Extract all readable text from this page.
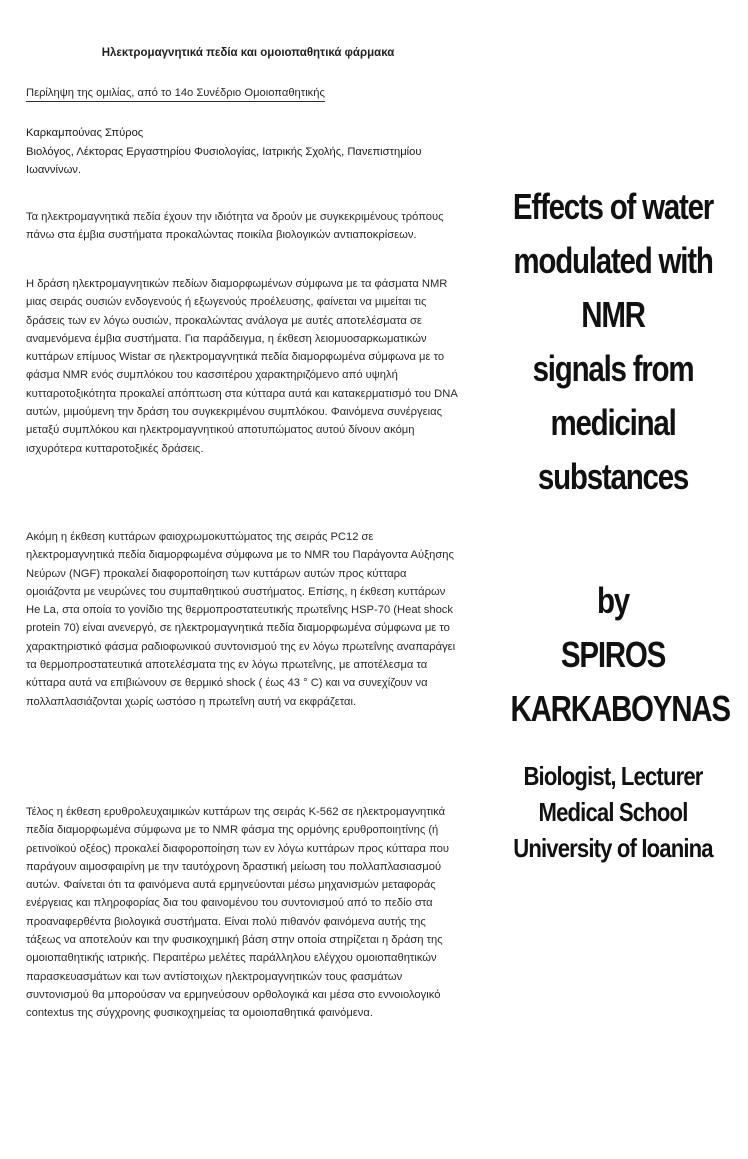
Ηλεκτρομαγνητικά πεδία και ομοιοπαθητικά φάρμακα
Περίληψη της ομιλίας, από το 14ο Συνέδριο Ομοιοπαθητικής

Καρκαμπούνας Σπύρος

Βιολόγος, Λέκτορας Εργαστηρίου Φυσιολογίας, Ιατρικής Σχολής, Πανεπιστημίου Ιωαννίνων.

Τα ηλεκτρομαγνητικά πεδία έχουν την ιδιότητα να δρούν με συγκεκριμένους τρόπους πάνω στα έμβια συστήματα προκαλώντας ποικίλα βιολογικών αντιαποκρίσεων.

Η δράση ηλεκτρομαγνητικών πεδίων διαμορφωμένων σύμφωνα με τα φάσματα NMR μιας σειράς ουσιών ενδογενούς ή εξωγενούς προέλευσης, φαίνεται να μιμείται τις δράσεις των εν λόγω ουσιών, προκαλώντας ανάλογα με αυτές αποτελέσματα σε αναμενόμενα έμβια συστήματα. Για παράδειγμα, η έκθεση λειομυοσαρκωματικών κυττάρων επίμυος Wistar σε ηλεκτρομαγνητικά πεδία διαμορφωμένα σύμφωνα με το φάσμα NMR ενός συμπλόκου του κασσιτέρου χαρακτηριζόμενο από υψηλή κυτταροτοξικότητα προκαλεί απόπτωση στα κύτταρα αυτά και κατακερματισμό του DNA αυτών, μιμούμενη την δράση του συγκεκριμένου συμπλόκου. Φαινόμενα συνέργειας μεταξύ συμπλόκου και ηλεκτρομαγνητικού αποτυπώματος αυτού δίνουν ακόμη ισχυρότερα κυτταροτοξικές δράσεις.

Ακόμη η έκθεση κυττάρων φαιοχρωμοκυττώματος της σειράς PC12 σε ηλεκτρομαγνητικά πεδία διαμορφωμένα σύμφωνα με το NMR του Παράγοντα Αύξησης Νεύρων (NGF) προκαλεί διαφοροποίηση των κυττάρων αυτών προς κύτταρα ομοιάζοντα με νευρώνες του συμπαθητικού συστήματος. Επίσης, η έκθεση κυττάρων He La, στα οποία το γονίδιο της θερμοπροστατευτικής πρωτεΐνης HSP-70 (Heat shock protein 70) είναι ανενεργό, σε ηλεκτρομαγνητικά πεδία διαμορφωμένα σύμφωνα με το χαρακτηριστικό φάσμα ραδιοφωνικού συντονισμού της εν λόγω πρωτεΐνης αναπαράγει τα θερμοπροστατευτικά αποτελέσματα της εν λόγω πρωτεΐνης, με αποτέλεσμα τα κύτταρα αυτά να επιβιώνουν σε θερμικό shock ( έως 43 ° C) και να συνεχίζουν να πολλαπλασιάζονται χωρίς ωστόσο η πρωτεΐνη αυτή να εκφράζεται.

Τέλος η έκθεση ερυθρολευχαιμικών κυττάρων της σειράς Κ-562 σε ηλεκτρομαγνητικά πεδία διαμορφωμένα σύμφωνα με το NMR φάσμα της ορμόνης ερυθροποιητίνης (ή ρετινοϊκού οξέος) προκαλεί διαφοροποίηση των εν λόγω κυττάρων προς κύτταρα που παράγουν αιμοσφαιρίνη με την ταυτόχρονη δραστική μείωση του πολλαπλασιασμού αυτών. Φαίνεται ότι τα φαινόμενα αυτά ερμηνεύονται μέσω μηχανισμών μεταφοράς ενέργειας και πληροφορίας δια του φαινομένου του συντονισμού από το πεδίο στα προαναφερθέντα βιολογικά συστήματα. Είναι πολύ πιθανόν φαινόμενα αυτής της τάξεως να αποτελούν και την φυσικοχημική βάση στην οποία στηρίζεται η δράση της ομοιοπαθητικής ιατρικής. Περαιτέρω μελέτες παράλληλου ελέγχου ομοιοπαθητικών παρασκευασμάτων και των αντίστοιχων ηλεκτρομαγνητικών τους φασμάτων συντονισμού θα μπορούσαν να ερμηνεύσουν ορθολογικά και μέσα στο εννοιολογικό contextus της σύγχρονης φυσικοχημείας τα ομοιοπαθητικά φαινόμενα.

Effects of water
modulated with
NMR
signals from
medicinal
substances
by
SPIROS
KARKABOYNAS
Biologist, Lecturer
Medical School
University of Ioanina
